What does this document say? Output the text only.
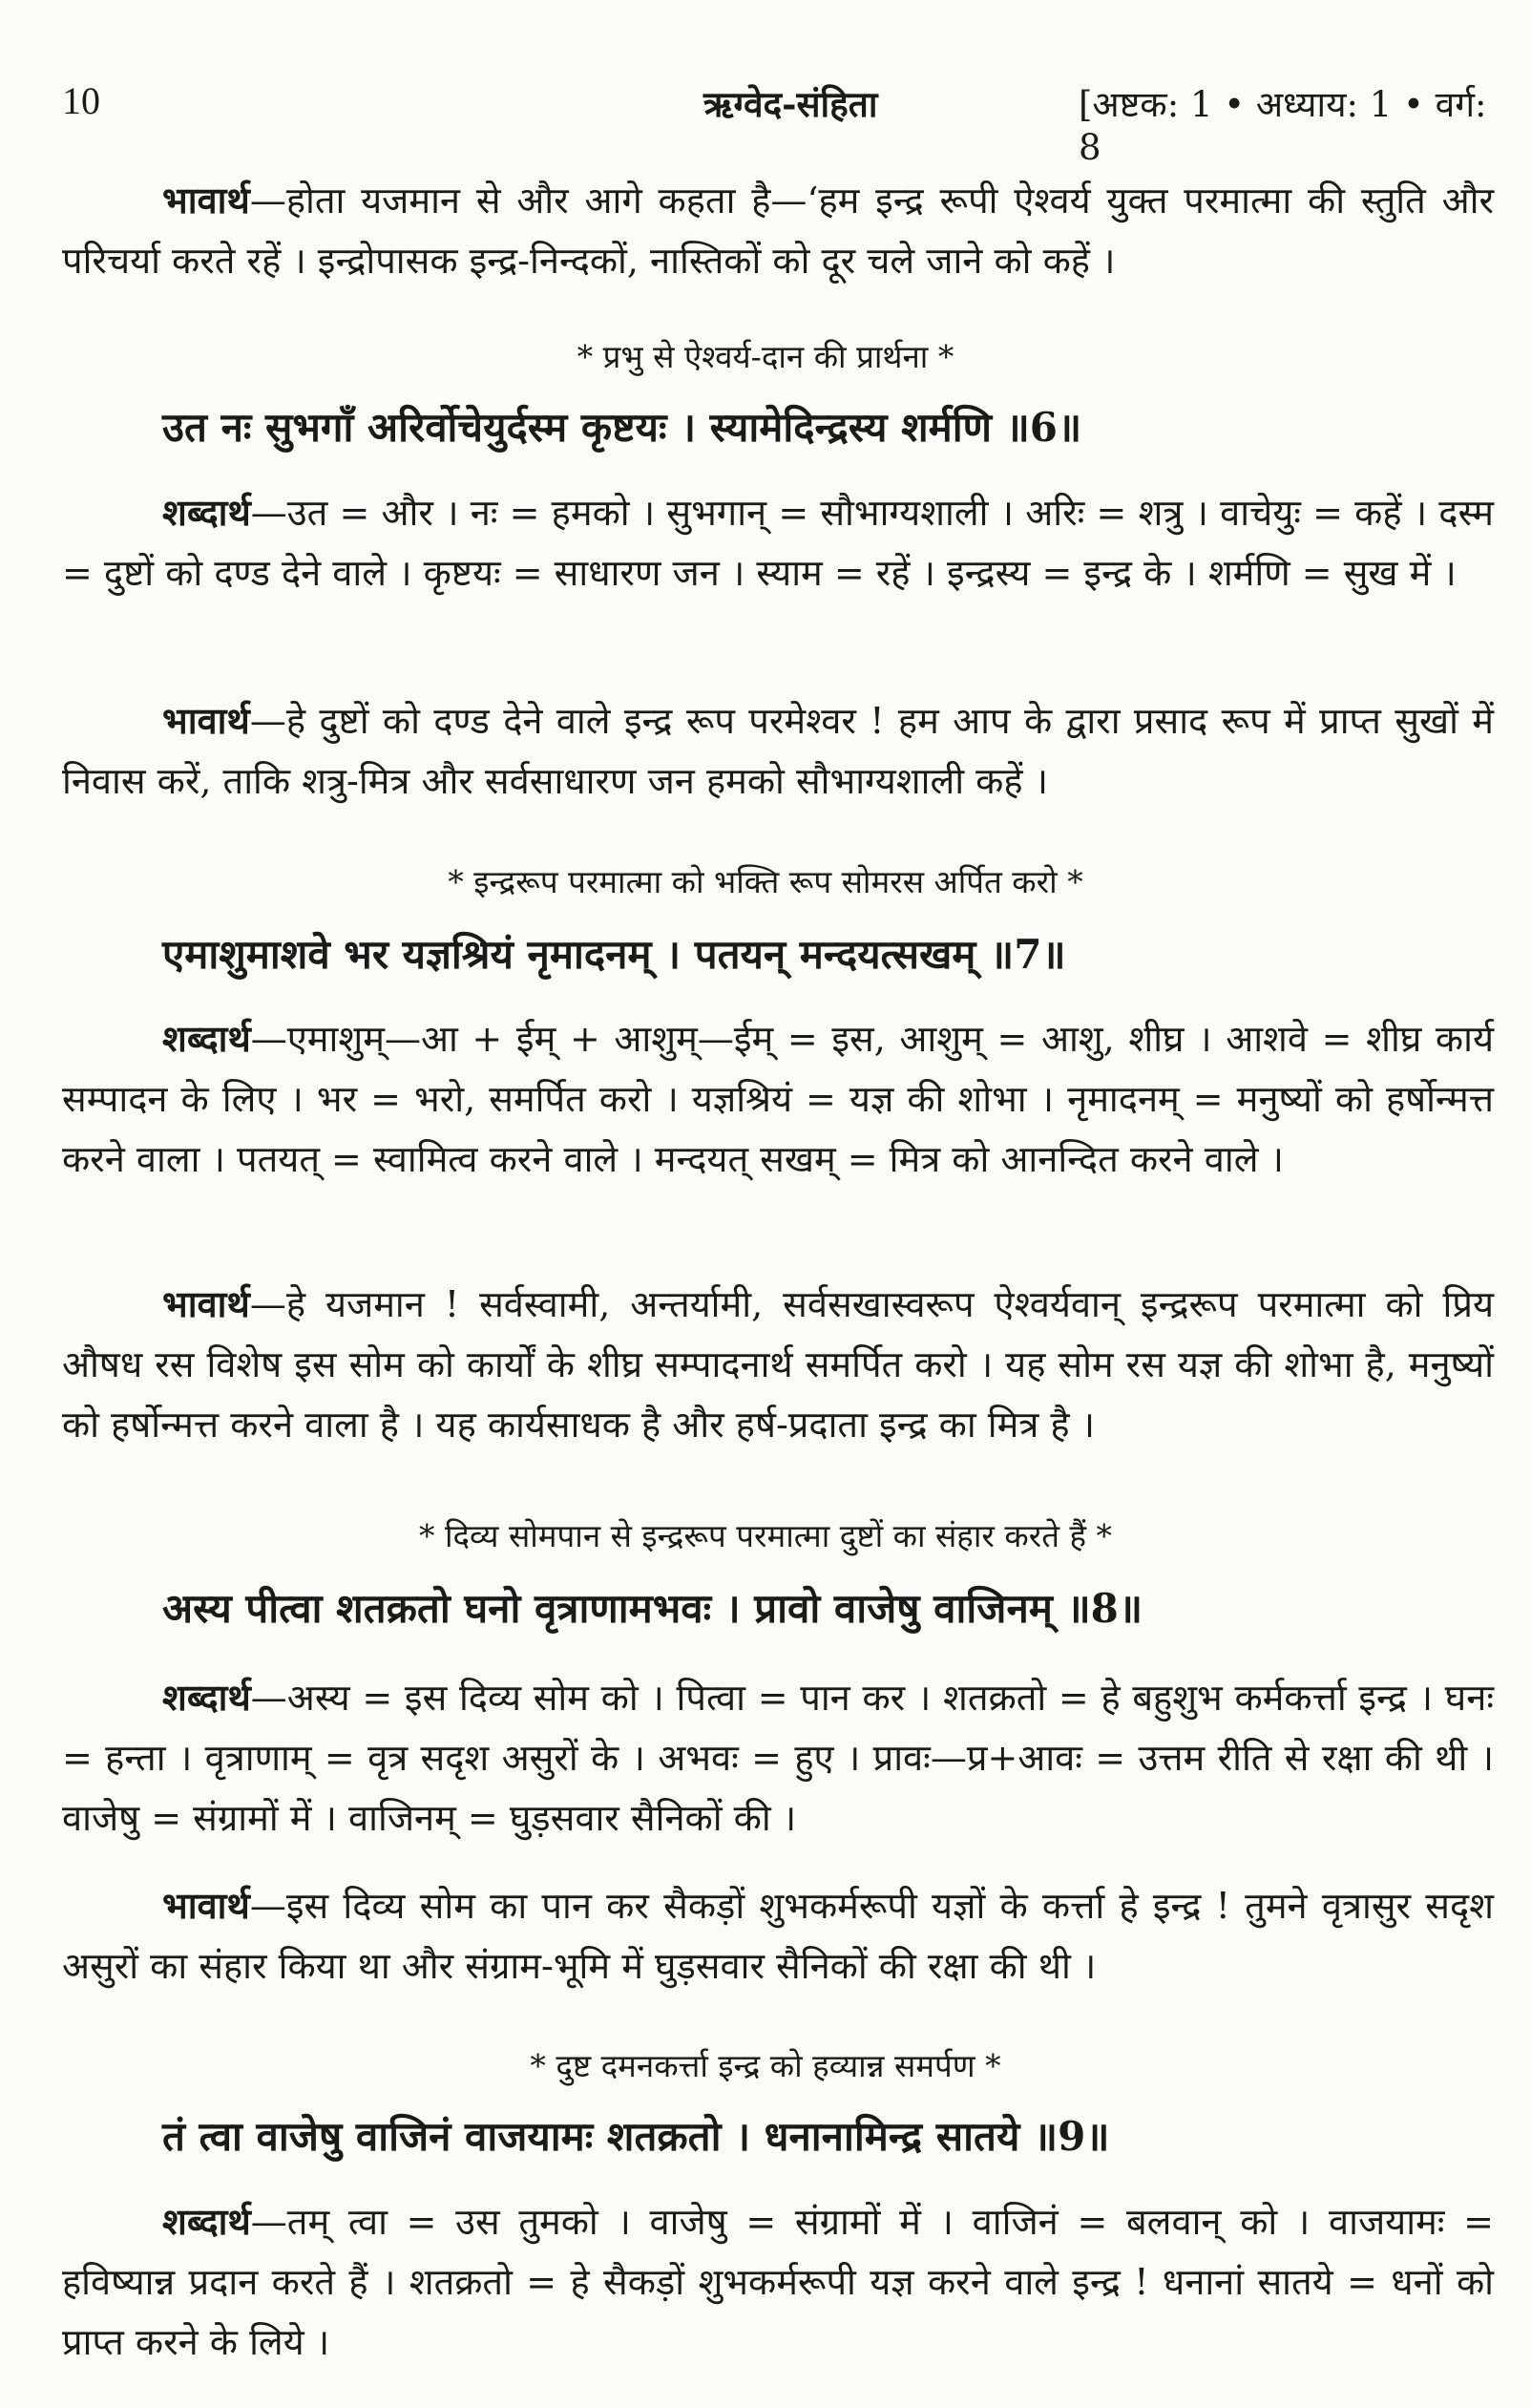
10	ऋग्वेद-संहिता	[अष्टक: 1 • अध्याय: 1 • वर्ग: 8

भावार्थ—होता यजमान से और आगे कहता है—‘हम इन्द्र रूपी ऐश्वर्य युक्त परमात्मा की स्तुति और परिचर्या करते रहें । इन्द्रोपासक इन्द्र-निन्दकों, नास्तिकों को दूर चले जाने को कहें ।

* प्रभु से ऐश्वर्य-दान की प्रार्थना *

उत नः सुभगाँ अरिर्वोचेयुर्दस्म कृष्टयः । स्यामेदिन्द्रस्य शर्मणि ॥6॥

शब्दार्थ—उत = और । नः = हमको । सुभगान् = सौभाग्यशाली । अरिः = शत्रु । वाचेयुः = कहें । दस्म = दुष्टों को दण्ड देने वाले । कृष्टयः = साधारण जन । स्याम = रहें । इन्द्रस्य = इन्द्र के । शर्मणि = सुख में ।

भावार्थ—हे दुष्टों को दण्ड देने वाले इन्द्र रूप परमेश्वर ! हम आप के द्वारा प्रसाद रूप में प्राप्त सुखों में निवास करें, ताकि शत्रु-मित्र और सर्वसाधारण जन हमको सौभाग्यशाली कहें ।

* इन्द्ररूप परमात्मा को भक्ति रूप सोमरस अर्पित करो *

एमाशुमाशवे भर यज्ञश्रियं नृमादनम् । पतयन् मन्दयत्सखम् ॥7॥

शब्दार्थ—एमाशुम्—आ + ईम् + आशुम्—ईम् = इस, आशुम् = आशु, शीघ्र । आशवे = शीघ्र कार्य सम्पादन के लिए । भर = भरो, समर्पित करो । यज्ञश्रियं = यज्ञ की शोभा । नृमादनम् = मनुष्यों को हर्षोन्मत्त करने वाला । पतयत् = स्वामित्व करने वाले । मन्दयत् सखम् = मित्र को आनन्दित करने वाले ।

भावार्थ—हे यजमान ! सर्वस्वामी, अन्तर्यामी, सर्वसखास्वरूप ऐश्वर्यवान् इन्द्ररूप परमात्मा को प्रिय औषध रस विशेष इस सोम को कार्यों के शीघ्र सम्पादनार्थ समर्पित करो । यह सोम रस यज्ञ की शोभा है, मनुष्यों को हर्षोन्मत्त करने वाला है । यह कार्यसाधक है और हर्ष-प्रदाता इन्द्र का मित्र है ।

* दिव्य सोमपान से इन्द्ररूप परमात्मा दुष्टों का संहार करते हैं *

अस्य पीत्वा शतक्रतो घनो वृत्राणामभवः । प्रावो वाजेषु वाजिनम् ॥8॥

शब्दार्थ—अस्य = इस दिव्य सोम को । पित्वा = पान कर । शतक्रतो = हे बहुशुभ कर्मकर्त्ता इन्द्र । घनः = हन्ता । वृत्राणाम् = वृत्र सदृश असुरों के । अभवः = हुए । प्रावः—प्र+आवः = उत्तम रीति से रक्षा की थी । वाजेषु = संग्रामों में । वाजिनम् = घुड़सवार सैनिकों की ।

भावार्थ—इस दिव्य सोम का पान कर सैकड़ों शुभकर्मरूपी यज्ञों के कर्त्ता हे इन्द्र ! तुमने वृत्रासुर सदृश असुरों का संहार किया था और संग्राम-भूमि में घुड़सवार सैनिकों की रक्षा की थी ।

* दुष्ट दमनकर्त्ता इन्द्र को हव्यान्न समर्पण *

तं त्वा वाजेषु वाजिनं वाजयामः शतक्रतो । धनानामिन्द्र सातये ॥9॥

शब्दार्थ—तम् त्वा = उस तुमको । वाजेषु = संग्रामों में । वाजिनं = बलवान् को । वाजयामः = हविष्यान्न प्रदान करते हैं । शतक्रतो = हे सैकड़ों शुभकर्मरूपी यज्ञ करने वाले इन्द्र ! धनानां सातये = धनों को प्राप्त करने के लिये ।
